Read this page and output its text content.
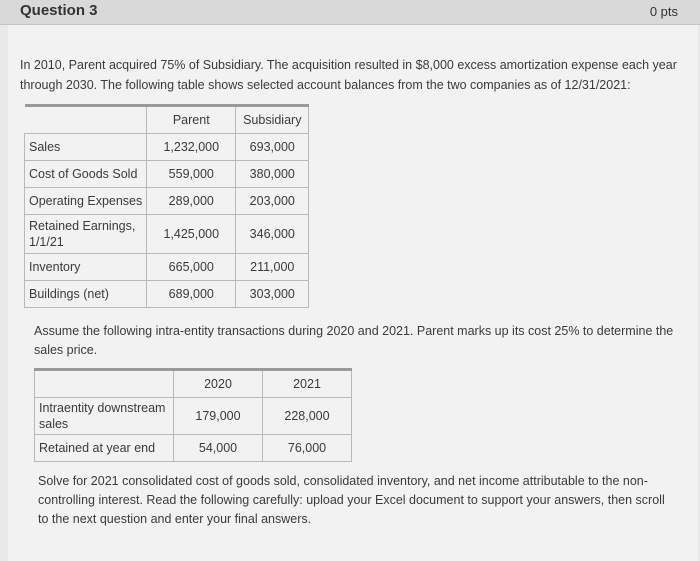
Question 3	0 pts
In 2010, Parent acquired 75% of Subsidiary. The acquisition resulted in $8,000 excess amortization expense each year through 2030. The following table shows selected account balances from the two companies as of 12/31/2021:
	Parent	Subsidiary
Sales	1,232,000	693,000
Cost of Goods Sold	559,000	380,000
Operating Expenses	289,000	203,000
Retained Earnings, 1/1/21	1,425,000	346,000
Inventory	665,000	211,000
Buildings (net)	689,000	303,000
Assume the following intra-entity transactions during 2020 and 2021. Parent marks up its cost 25% to determine the sales price.
	2020	2021
Intraentity downstream sales	179,000	228,000
Retained at year end	54,000	76,000
Solve for 2021 consolidated cost of goods sold, consolidated inventory, and net income attributable to the non-controlling interest. Read the following carefully: upload your Excel document to support your answers, then scroll to the next question and enter your final answers.
